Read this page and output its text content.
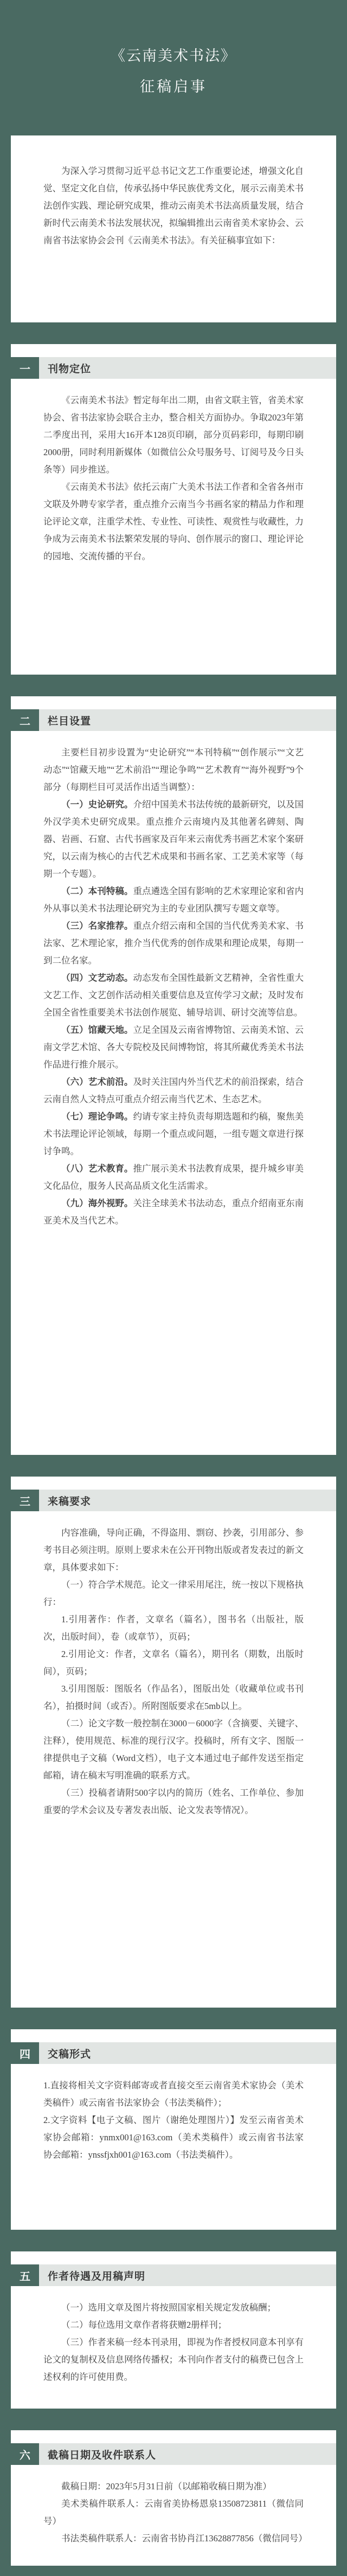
《云南美术书法》
征稿启事
为深入学习贯彻习近平总书记文艺工作重要论述，增强文化自觉、坚定文化自信，传承弘扬中华民族优秀文化，展示云南美术书法创作实践、理论研究成果，推动云南美术书法高质量发展，结合新时代云南美术书法发展状况，拟编辑推出云南省美术家协会、云南省书法家协会会刊《云南美术书法》。有关征稿事宜如下：
一	刊物定位

《云南美术书法》暂定每年出二期，由省文联主管，省美术家协会、省书法家协会联合主办，整合相关方面协办。争取2023年第二季度出刊，采用大16开本128页印刷，部分页码彩印，每期印刷2000册，同时利用新媒体（如微信公众号服务号、订阅号及今日头条等）同步推送。

《云南美术书法》依托云南广大美术书法工作者和全省各州市文联及外聘专家学者，重点推介云南当今书画名家的精品力作和理论评论文章，注重学术性、专业性、可读性、观赏性与收藏性，力争成为云南美术书法繁荣发展的导向、创作展示的窗口、理论评论的园地、交流传播的平台。

二	栏目设置

主要栏目初步设置为“史论研究”“本刊特稿”“创作展示”“文艺动态”“馆藏天地”“艺术前沿”“理论争鸣”“艺术教育”“海外视野”9个部分（每期栏目可灵活作出适当调整）：

（一）史论研究。介绍中国美术书法传统的最新研究，以及国外汉学美术史研究成果。重点推介云南境内及其他著名碑刻、陶器、岩画、石窟、古代书画家及百年来云南优秀书画艺术家个案研究，以云南为核心的古代艺术成果和书画名家、工艺美术家等（每期一个专题）。

（二）本刊特稿。重点遴选全国有影响的艺术家理论家和省内外从事以美术书法理论研究为主的专业团队撰写专题文章等。

（三）名家推荐。重点介绍云南和全国的当代优秀美术家、书法家、艺术理论家，推介当代优秀的创作成果和理论成果，每期一到二位名家。

（四）文艺动态。动态发布全国性最新文艺精神，全省性重大文艺工作、文艺创作活动相关重要信息及宣传学习文献；及时发布全国全省性重要美术书法创作展览、辅导培训、研讨交流等信息。

（五）馆藏天地。立足全国及云南省博物馆、云南美术馆、云南文学艺术馆、各大专院校及民间博物馆，将其所藏优秀美术书法作品进行推介展示。

（六）艺术前沿。及时关注国内外当代艺术的前沿探索，结合云南自然人文特点可重点介绍云南当代艺术、生态艺术。

（七）理论争鸣。约请专家主持负责每期选题和约稿，聚焦美术书法理论评论领域，每期一个重点或问题，一组专题文章进行探讨争鸣。

（八）艺术教育。推广展示美术书法教育成果，提升城乡审美文化品位，服务人民高品质文化生活需求。

（九）海外视野。关注全球美术书法动态，重点介绍南亚东南亚美术及当代艺术。

三	来稿要求

内容准确，导向正确，不得盗用、剽窃、抄袭，引用部分、参考书目必须注明。原则上要求未在公开刊物出版或者发表过的新文章，具体要求如下：

（一）符合学术规范。论文一律采用尾注，统一按以下规格执行：

1.引用著作：作者，文章名（篇名），图书名（出版社，版次，出版时间），卷（或章节），页码；

2.引用论文：作者，文章名（篇名），期刊名（期数，出版时间），页码；

3.引用图版：图版名（作品名），图版出处（收藏单位或书刊名），拍摄时间（或否）。所附图版要求在5mb以上。

（二）论文字数一般控制在3000－6000字（含摘要、关键字、注释），使用规范、标准的现行汉字。投稿时，所有文字、图版一律提供电子文稿（Word文档），电子文本通过电子邮件发送至指定邮箱，请在稿末写明准确的联系方式。

（三）投稿者请附500字以内的简历（姓名、工作单位、参加重要的学术会议及专著发表出版、论文发表等情况）。

四	交稿形式

1.直接将相关文字资料邮寄或者直接交至云南省美术家协会（美术类稿件）或云南省书法家协会（书法类稿件）；

2.文字资料【电子文稿、图片（谢绝处理图片）】发至云南省美术家协会邮箱：ynmx001@163.com（美术类稿件）或云南省书法家协会邮箱：ynssfjxh001@163.com（书法类稿件）。

五	作者待遇及用稿声明

（一）选用文章及图片将按照国家相关规定发放稿酬；

（二）每位选用文章作者将获赠2册样刊；

（三）作者来稿一经本刊录用，即视为作者授权同意本刊享有论文的复制权及信息网络传播权；本刊向作者支付的稿费已包含上述权利的许可使用费。

六	截稿日期及收件联系人

截稿日期：2023年5月31日前（以邮箱收稿日期为准）

美术类稿件联系人：云南省美协杨恩泉13508723811（微信同号）

书法类稿件联系人：云南省书协肖江13628877856（微信同号）
